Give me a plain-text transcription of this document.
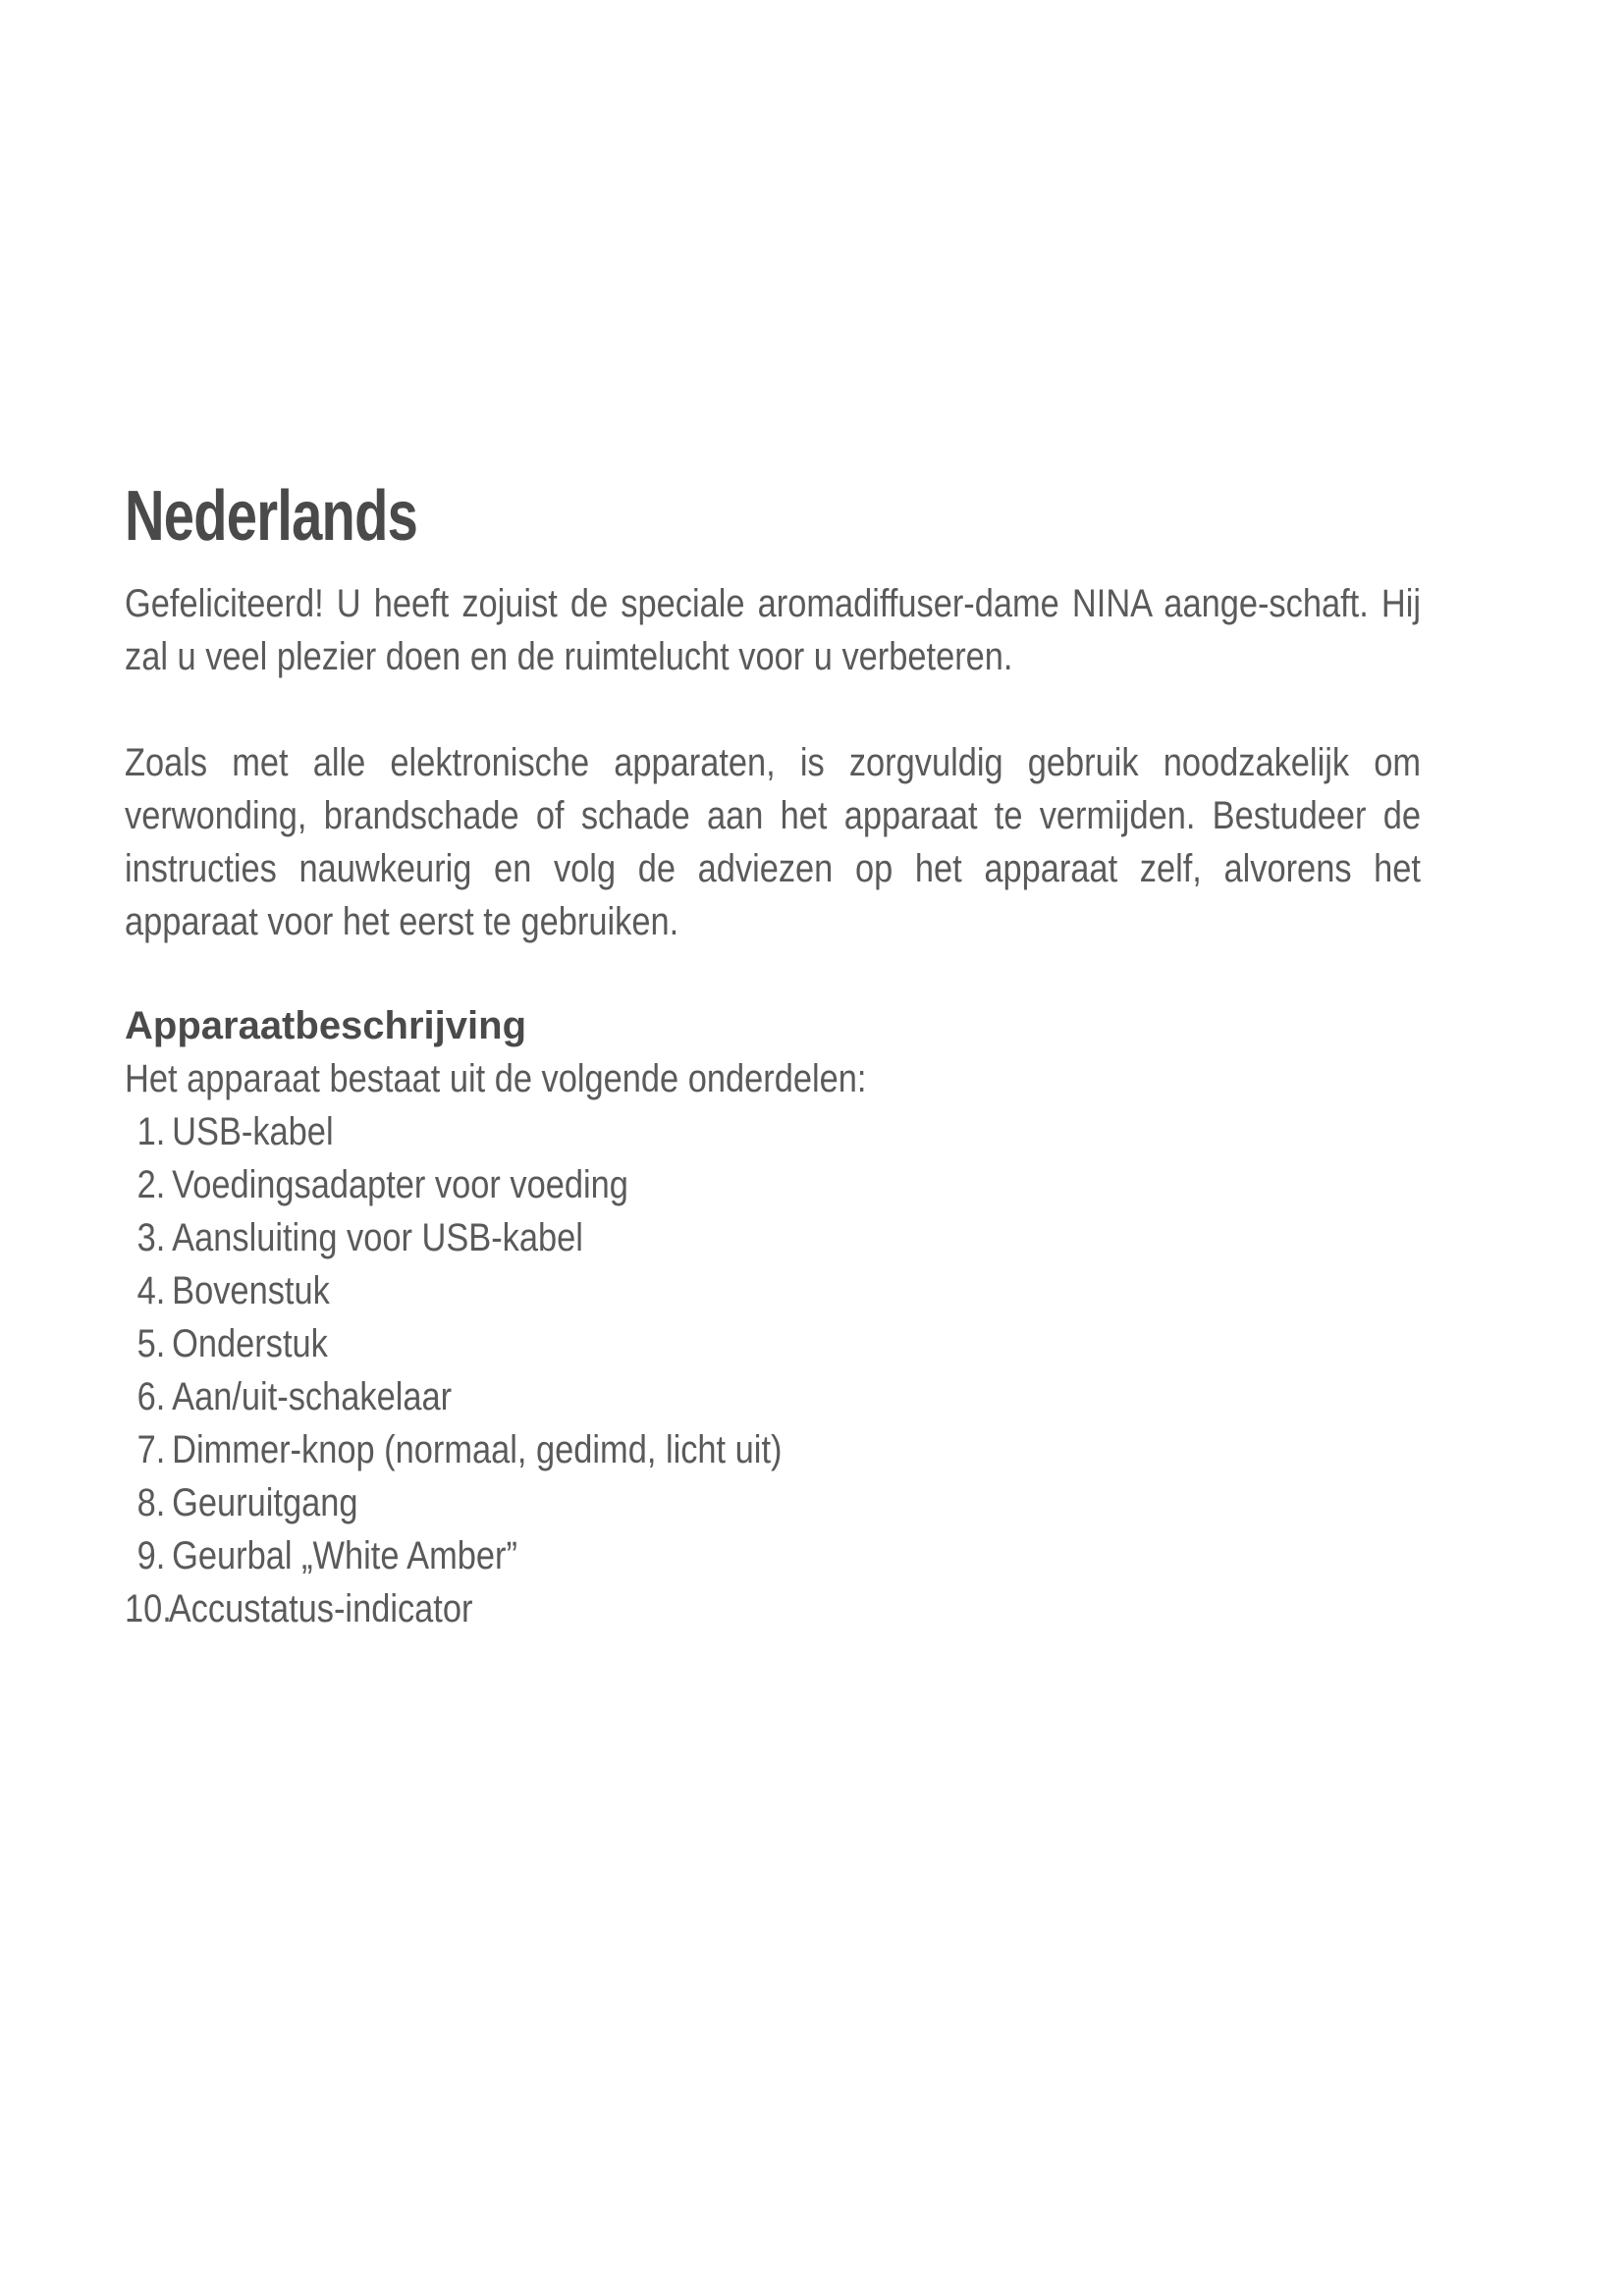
Nederlands

Gefeliciteerd! U heeft zojuist de speciale aromadiffuser-dame NINA aange-schaft. Hij zal u veel plezier doen en de ruimtelucht voor u verbeteren.

Zoals met alle elektronische apparaten, is zorgvuldig gebruik noodzakelijk om verwonding, brandschade of schade aan het apparaat te vermijden. Bestudeer de instructies nauwkeurig en volg de adviezen op het apparaat zelf, alvorens het apparaat voor het eerst te gebruiken.

Apparaatbeschrijving

Het apparaat bestaat uit de volgende onderdelen:

1. USB-kabel
2. Voedingsadapter voor voeding
3. Aansluiting voor USB-kabel
4. Bovenstuk
5. Onderstuk
6. Aan/uit-schakelaar
7. Dimmer-knop (normaal, gedimd, licht uit)
8. Geuruitgang
9. Geurbal „White Amber”
10.
Accustatus-indicator
